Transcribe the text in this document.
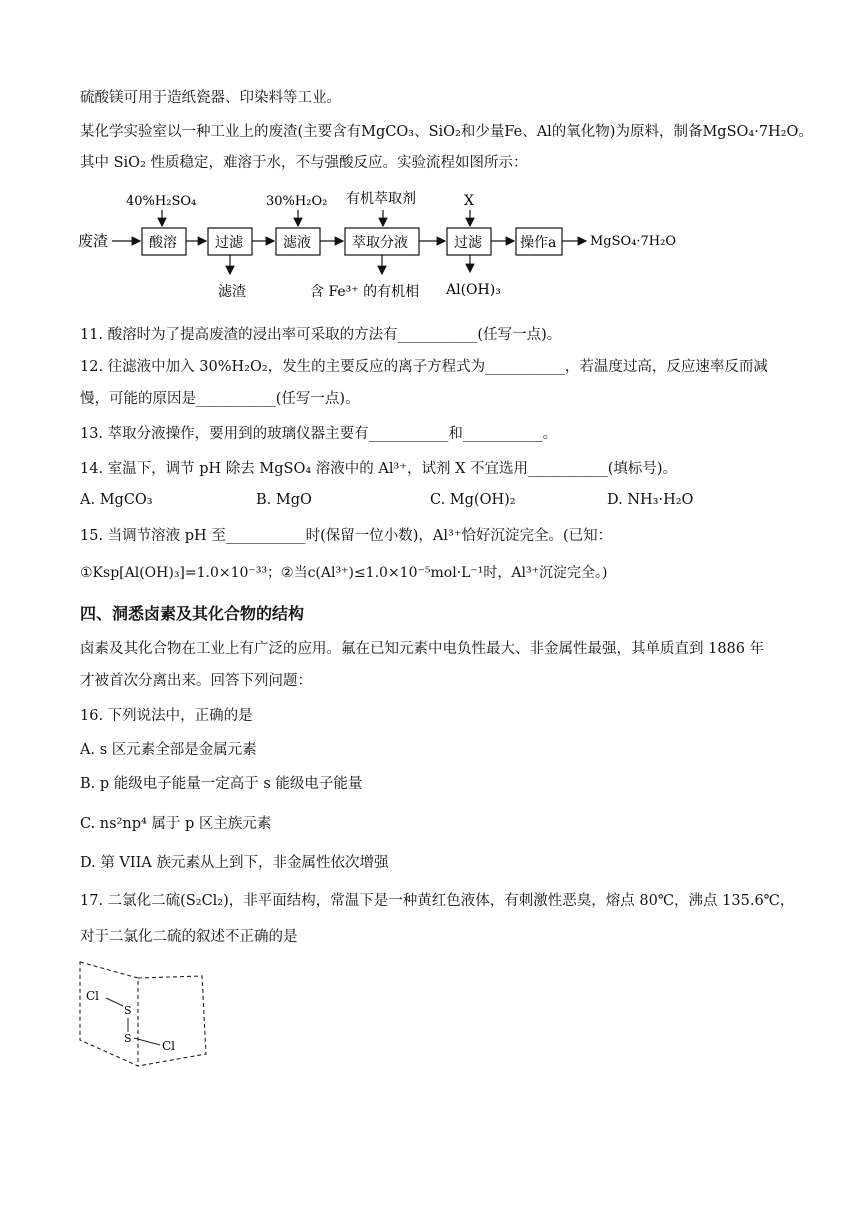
硫酸镁可用于造纸瓷器、印染料等工业。
某化学实验室以一种工业上的废渣(主要含有MgCO₃、SiO₂和少量Fe、Al的氧化物)为原料，制备MgSO₄·7H₂O。
其中 SiO₂ 性质稳定，难溶于水，不与强酸反应。实验流程如图所示：
废渣
40%H₂SO₄
酸溶	过滤
滤渣
30%H₂O₂
滤液
有机萃取剂
萃取分液
含 Fe³⁺ 的有机相
X
过滤
Al(OH)₃
操作a	MgSO₄·7H₂O
11. 酸溶时为了提高废渣的浸出率可采取的方法有___________(任写一点)。
12. 往滤液中加入 30%H₂O₂，发生的主要反应的离子方程式为___________，若温度过高，反应速率反而减
慢，可能的原因是___________(任写一点)。
13. 萃取分液操作，要用到的玻璃仪器主要有___________和___________。
14. 室温下，调节 pH 除去 MgSO₄ 溶液中的 Al³⁺，试剂 X 不宜选用___________(填标号)。
A. MgCO₃	B. MgO	C. Mg(OH)₂	D. NH₃·H₂O
15. 当调节溶液 pH 至___________时(保留一位小数)，Al³⁺恰好沉淀完全。(已知：
①Ksp[Al(OH)₃]=1.0×10⁻³³；②当c(Al³⁺)≤1.0×10⁻⁵mol·L⁻¹时，Al³⁺沉淀完全。)
四、洞悉卤素及其化合物的结构
卤素及其化合物在工业上有广泛的应用。氟在已知元素中电负性最大、非金属性最强，其单质直到 1886 年
才被首次分离出来。回答下列问题：
16. 下列说法中，正确的是
A. s 区元素全部是金属元素
B. p 能级电子能量一定高于 s 能级电子能量
C. ns²np⁴ 属于 p 区主族元素
D. 第 VIIA 族元素从上到下，非金属性依次增强
17. 二氯化二硫(S₂Cl₂)，非平面结构，常温下是一种黄红色液体，有刺激性恶臭，熔点 80℃，沸点 135.6℃，
对于二氯化二硫的叙述不正确的是
Cl
S
S
Cl
